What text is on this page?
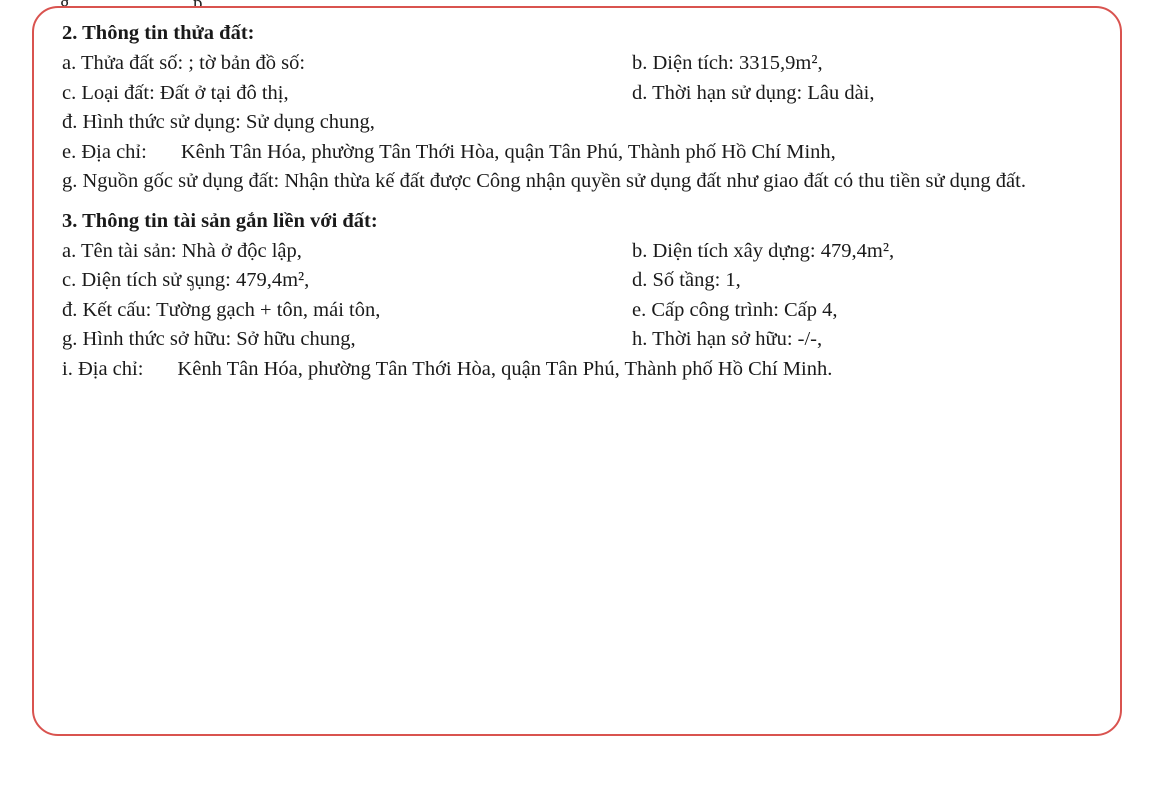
2. Thông tin thửa đất:
a. Thửa đất số: ; tờ bản đồ số:	b. Diện tích: 3315,9m²,
c. Loại đất: Đất ở tại đô thị,	d. Thời hạn sử dụng: Lâu dài,
đ. Hình thức sử dụng: Sử dụng chung,
e. Địa chỉ: Kênh Tân Hóa, phường Tân Thới Hòa, quận Tân Phú, Thành phố Hồ Chí Minh,
g. Nguồn gốc sử dụng đất: Nhận thừa kế đất được Công nhận quyền sử dụng đất như giao đất có thu tiền sử dụng đất.
3. Thông tin tài sản gắn liền với đất:
a. Tên tài sản: Nhà ở độc lập,	b. Diện tích xây dựng: 479,4m²,
c. Diện tích sử ᶊụng: 479,4m²,	d. Số tầng: 1,
đ. Kết cấu: Tường gạch + tôn, mái tôn,	e. Cấp công trình: Cấp 4,
g. Hình thức sở hữu: Sở hữu chung,	h. Thời hạn sở hữu: -/-,
i. Địa chỉ: Kênh Tân Hóa, phường Tân Thới Hòa, quận Tân Phú, Thành phố Hồ Chí Minh.
